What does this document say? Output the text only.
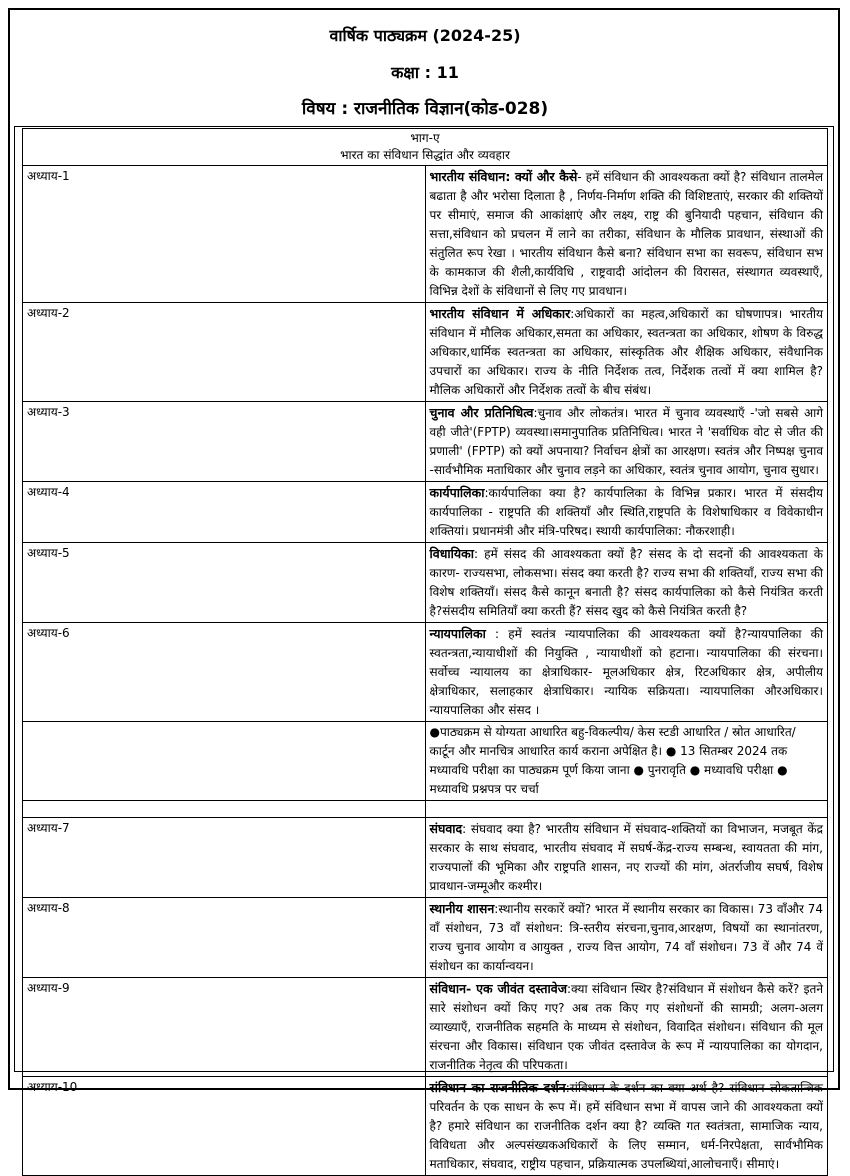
वार्षिक पाठ्यक्रम (2024-25)
कक्षा : 11
विषय : राजनीतिक विज्ञान(कोड-028)
भाग-ए
भारत का संविधान सिद्धांत और व्यवहार	

अध्याय-1	भारतीय संविधान: क्यों और कैसे- हमें संविधान की आवश्यकता क्यों है? संविधान तालमेल बढाता है और भरोसा दिलाता है , निर्णय-निर्माण शक्ति की विशिष्टताएं, सरकार की शक्तियों पर सीमाएं, समाज की आकांक्षाएं और लक्ष्य, राष्ट्र की बुनियादी पहचान, संविधान की सत्ता,संविधान को प्रचलन में लाने का तरीका, संविधान के मौलिक प्रावधान, संस्थाओं की संतुलित रूप रेखा । भारतीय संविधान कैसे बना? संविधान सभा का सवरूप, संविधान सभ के कामकाज की शैली,कार्यविधि , राष्ट्रवादी आंदोलन की विरासत, संस्थागत व्यवस्थाएँ, विभिन्न देशों के संविधानों से लिए गए प्रावधान।
अध्याय-2	भारतीय संविधान में अधिकार:अधिकारों का महत्व,अधिकारों का घोषणापत्र। भारतीय संविधान में मौलिक अधिकार,समता का अधिकार, स्वतन्त्रता का अधिकार, शोषण के विरुद्ध अधिकार,धार्मिक स्वतन्त्रता का अधिकार, सांस्कृतिक और शैक्षिक अधिकार, संवैधानिक उपचारों का अधिकार। राज्य के नीति निर्देशक तत्व, निर्देशक तत्वों में क्या शामिल है? मौलिक अधिकारों और निर्देशक तत्वों के बीच संबंध।
अध्याय-3	चुनाव और प्रतिनिधित्व:चुनाव और लोकतंत्र। भारत में चुनाव व्यवस्थाएँ -'जो सबसे आगे वही जीते'(FPTP) व्यवस्था।समानुपातिक प्रतिनिधित्व। भारत ने 'सर्वाधिक वोट से जीत की प्रणाली' (FPTP) को क्यों अपनाया? निर्वाचन क्षेत्रों का आरक्षण। स्वतंत्र और निष्पक्ष चुनाव -सार्वभौमिक मताधिकार और चुनाव लड़ने का अधिकार, स्वतंत्र चुनाव आयोग, चुनाव सुधार।
अध्याय-4	कार्यपालिका:कार्यपालिका क्या है? कार्यपालिका के विभिन्न प्रकार। भारत में संसदीय कार्यपालिका - राष्ट्रपति की शक्तियाँ और स्थिति,राष्ट्रपति के विशेषाधिकार व विवेकाधीन शक्तियां। प्रधानमंत्री और मंत्रि-परिषद। स्थायी कार्यपालिका: नौकरशाही।
अध्याय-5	विधायिका: हमें संसद की आवश्यकता क्यों है? संसद के दो सदनों की आवश्यकता के कारण- राज्यसभा, लोकसभा। संसद क्या करती है? राज्य सभा की शक्तियाँ, राज्य सभा की विशेष शक्तियाँ। संसद कैसे कानून बनाती है? संसद कार्यपालिका को कैसे नियंत्रित करती है?संसदीय समितियाँ क्या करती हैं? संसद खुद को कैसे नियंत्रित करती है?
अध्याय-6	न्यायपालिका : हमें स्वतंत्र न्यायपालिका की आवश्यकता क्यों है?न्यायपालिका की स्वतन्त्रता,न्यायाधीशों की नियुक्ति , न्यायाधीशों को हटाना। न्यायपालिका की संरचना। सर्वोच्च न्यायालय का क्षेत्राधिकार- मूलअधिकार क्षेत्र, रिटअधिकार क्षेत्र, अपीलीय क्षेत्राधिकार, सलाहकार क्षेत्राधिकार। न्यायिक सक्रियता। न्यायपालिका औरअधिकार। न्यायपालिका और संसद ।
	●पाठ्यक्रम से योग्यता आधारित बहु-विकल्पीय/ केस स्टडी आधारित / स्रोत आधारित/ कार्टून और मानचित्र आधारित कार्य कराना अपेक्षित है। ● 13 सितम्बर 2024 तक मध्यावधि परीक्षा का पाठ्यक्रम पूर्ण किया जाना ● पुनरावृति ● मध्यावधि परीक्षा ● मध्यावधि प्रश्नपत्र पर चर्चा

अध्याय-7	संघवाद: संघवाद क्या है? भारतीय संविधान में संघवाद-शक्तियों का विभाजन, मजबूत केंद्र सरकार के साथ संघवाद, भारतीय संघवाद में सघर्ष-केंद्र-राज्य सम्बन्ध, स्वायतता की मांग, राज्यपालों की भूमिका और राष्ट्रपति शासन, नए राज्यों की मांग, अंतर्राजीय सघर्ष, विशेष प्रावधान-जम्मूऔर कश्मीर।
अध्याय-8	स्थानीय शासन:स्थानीय सरकारें क्यों? भारत में स्थानीय सरकार का विकास। 73 वाँऔर 74 वाँ संशोधन, 73 वाँ संशोधन: त्रि-स्तरीय संरचना,चुनाव,आरक्षण, विषयों का स्थानांतरण, राज्य चुनाव आयोग व आयुक्त , राज्य वित्त आयोग, 74 वाँ संशोधन। 73 वें और 74 वें संशोधन का कार्यान्वयन।
अध्याय-9	संविधान- एक जीवंत दस्तावेज:क्या संविधान स्थिर है?संविधान में संशोधन कैसे करें? इतने सारे संशोधन क्यों किए गए? अब तक किए गए संशोधनों की सामग्री; अलग-अलग व्याख्याएँ, राजनीतिक सहमति के माध्यम से संशोधन, विवादित संशोधन। संविधान की मूल संरचना और विकास। संविधान एक जीवंत दस्तावेज के रूप में न्यायपालिका का योगदान, राजनीतिक नेतृत्व की परिपकता।
अध्याय-10	संविधान का राजनीतिक दर्शन:संविधान के दर्शन का क्या अर्थ है? संविधान लोकतान्त्रिक परिवर्तन के एक साधन के रूप में। हमें संविधान सभा में वापस जाने की आवश्यकता क्यों है? हमारे संविधान का राजनीतिक दर्शन क्या है? व्यक्ति गत स्वतंत्रता, सामाजिक न्याय, विविधता और अल्पसंख्यकअधिकारों के लिए सम्मान, धर्म-निरपेक्षता, सार्वभौमिक मताधिकार, संघवाद, राष्ट्रीय पहचान, प्रक्रियात्मक उपलब्धियां,आलोचनाएँ। सीमाएं।
